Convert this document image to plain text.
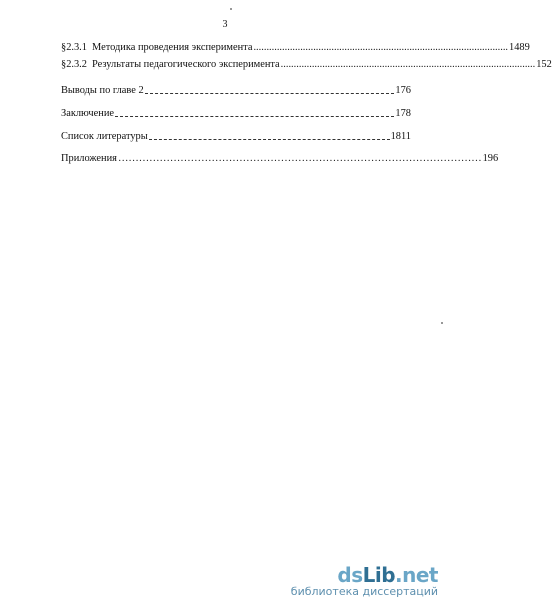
3
§2.3.1 Методика проведения эксперимента .................................................................................................. 1489
§2.3.2 Результаты педагогического эксперимента .................................................................................................. 152
Выводы по главе 2	176
Заключение	178
Список литературы	1811
Приложения …………………………………………………………………………………………… 196
dsLib.net
библиотека диссертаций
